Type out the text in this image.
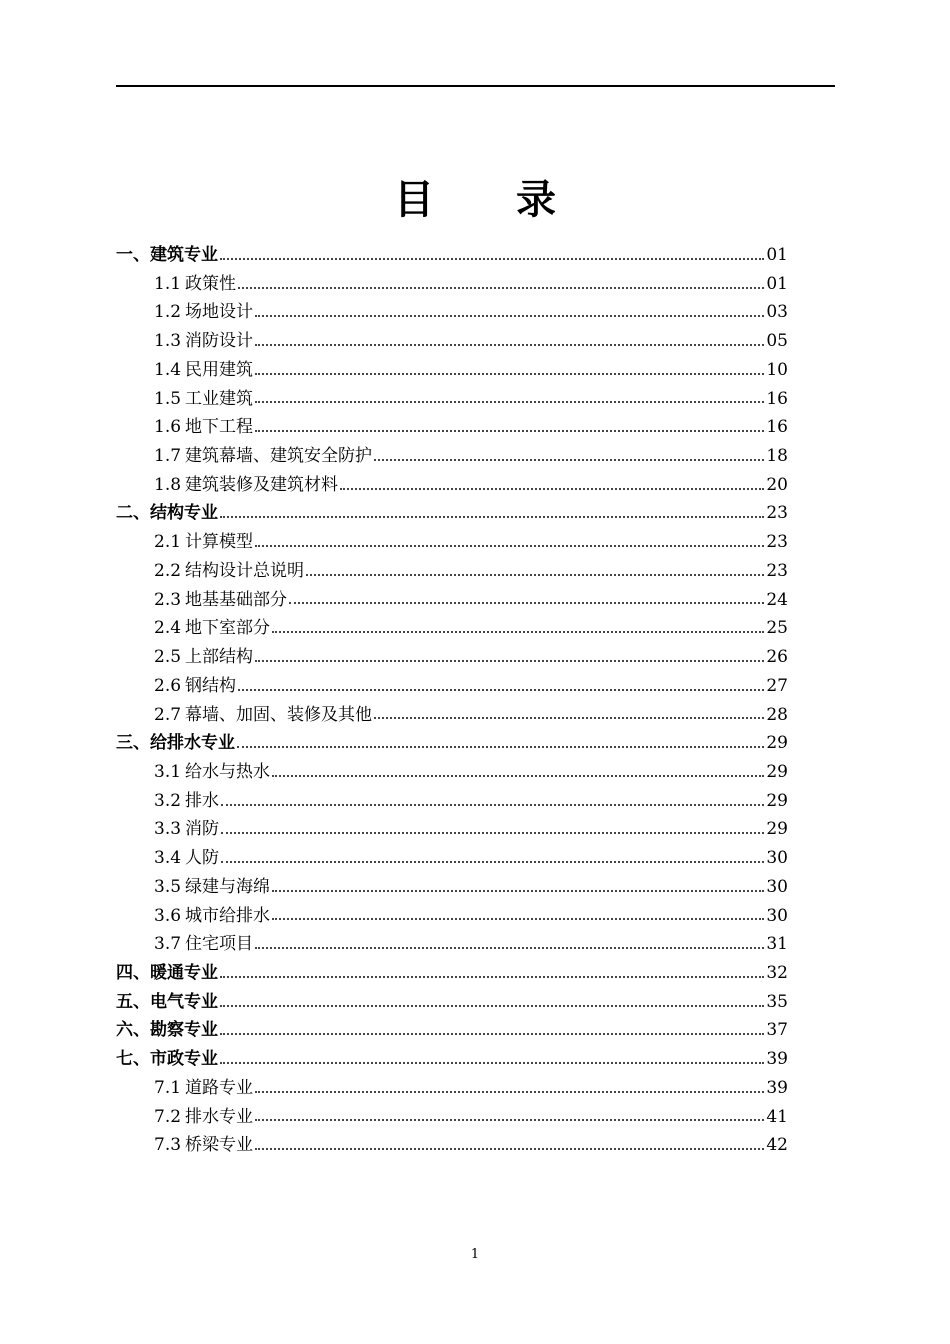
目 录
一、建筑专业	01
1.1 政策性	01
1.2 场地设计	03
1.3 消防设计	05
1.4 民用建筑	10
1.5 工业建筑	16
1.6 地下工程	16
1.7 建筑幕墙、建筑安全防护	18
1.8 建筑装修及建筑材料	20
二、结构专业	23
2.1 计算模型	23
2.2 结构设计总说明	23
2.3 地基基础部分	24
2.4 地下室部分	25
2.5 上部结构	26
2.6 钢结构	27
2.7 幕墙、加固、装修及其他	28
三、给排水专业	29
3.1 给水与热水	29
3.2 排水	29
3.3 消防	29
3.4 人防	30
3.5 绿建与海绵	30
3.6 城市给排水	30
3.7 住宅项目	31
四、暖通专业	32
五、电气专业	35
六、勘察专业	37
七、市政专业	39
7.1 道路专业	39
7.2 排水专业	41
7.3 桥梁专业	42
1
